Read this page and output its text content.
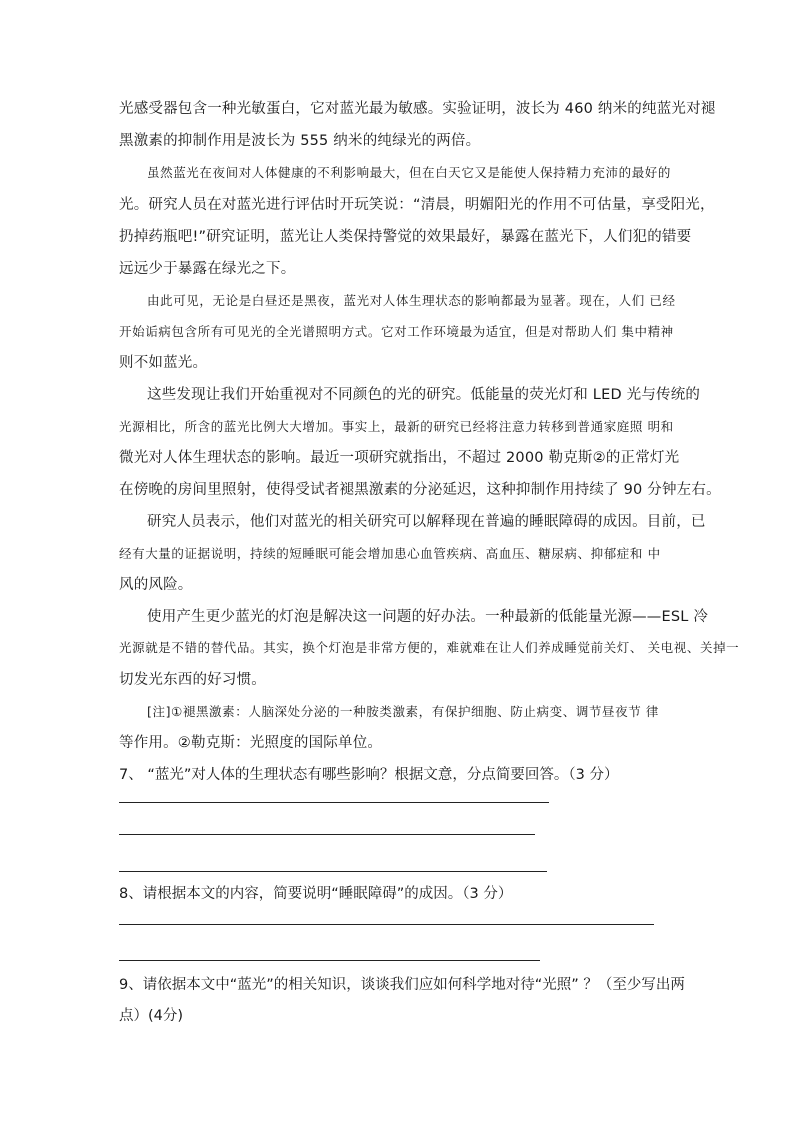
光感受器包含一种光敏蛋白，它对蓝光最为敏感。实验证明，波长为 460 纳米的纯蓝光对褪
黑激素的抑制作用是波长为 555 纳米的纯绿光的两倍。
虽然蓝光在夜间对人体健康的不利影响最大，但在白天它又是能使人保持精力充沛的最好的
光。研究人员在对蓝光进行评估时开玩笑说：“清晨，明媚阳光的作用不可估量，享受阳光，
扔掉药瓶吧!”研究证明，蓝光让人类保持警觉的效果最好，暴露在蓝光下，人们犯的错要
远远少于暴露在绿光之下。
由此可见，无论是白昼还是黑夜，蓝光对人体生理状态的影响都最为显著。现在，人们 已经
开始诟病包含所有可见光的全光谱照明方式。它对工作环境最为适宜，但是对帮助人们 集中精神
则不如蓝光。
这些发现让我们开始重视对不同颜色的光的研究。低能量的荧光灯和 LED 光与传统的
光源相比，所含的蓝光比例大大增加。事实上，最新的研究已经将注意力转移到普通家庭照 明和
微光对人体生理状态的影响。最近一项研究就指出，不超过 2000 勒克斯②的正常灯光
在傍晚的房间里照射，使得受试者褪黑激素的分泌延迟，这种抑制作用持续了 90 分钟左右。
研究人员表示，他们对蓝光的相关研究可以解释现在普遍的睡眠障碍的成因。目前，已
经有大量的证据说明，持续的短睡眠可能会增加患心血管疾病、高血压、糖尿病、抑郁症和 中
风的风险。
使用产生更少蓝光的灯泡是解决这一问题的好办法。一种最新的低能量光源——ESL 冷
光源就是不错的替代品。其实，换个灯泡是非常方便的，难就难在让人们养成睡觉前关灯、 关电视、关掉一
切发光东西的好习惯。
[注]①褪黑激素：人脑深处分泌的一种胺类激素，有保护细胞、防止病变、调节昼夜节 律
等作用。②勒克斯：光照度的国际单位。
7、 “蓝光”对人体的生理状态有哪些影响？根据文意，分点简要回答。（3 分）
8、请根据本文的内容，简要说明“睡眠障碍”的成因。（3 分）
9、请依据本文中“蓝光”的相关知识，谈谈我们应如何科学地对待“光照” ？（至少写出两
点）(4分)
